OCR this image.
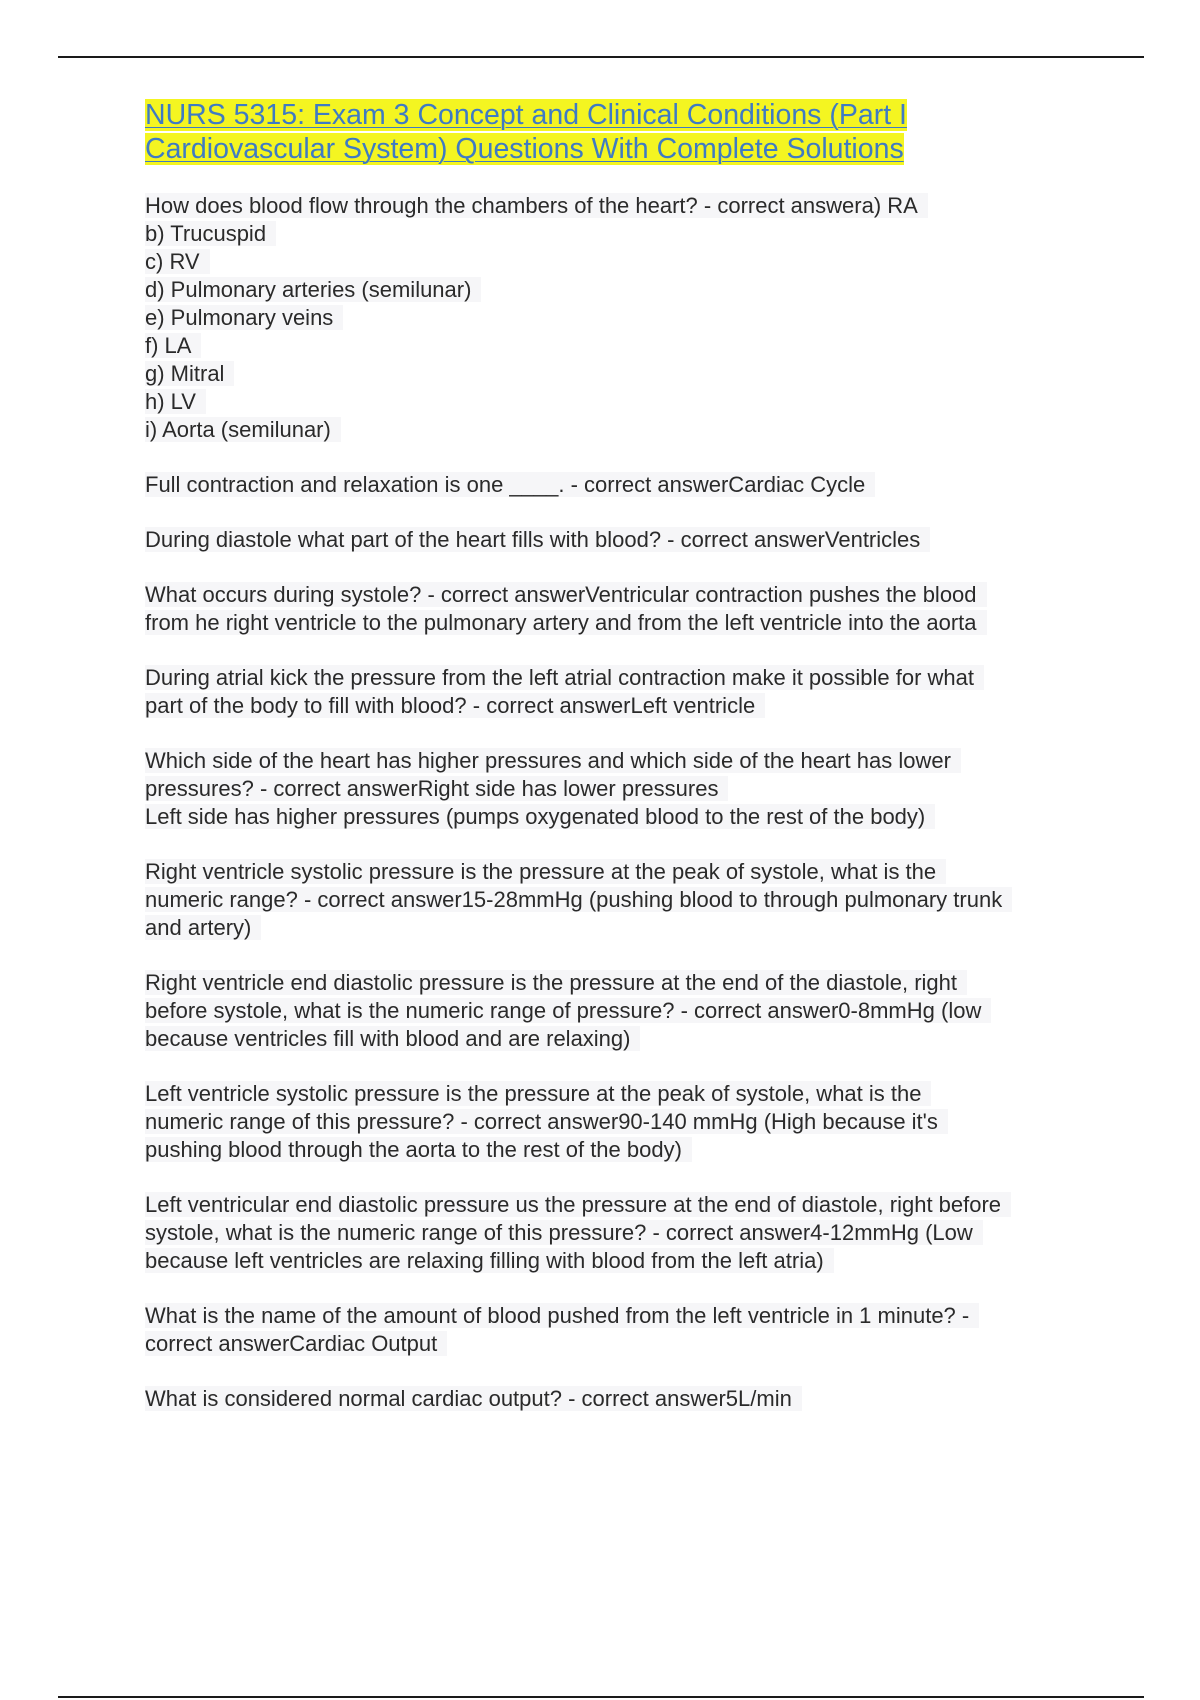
NURS 5315: Exam 3 Concept and Clinical Conditions (Part I
Cardiovascular System) Questions With Complete Solutions

How does blood flow through the chambers of the heart? - correct answera) RA
b) Trucuspid
c) RV
d) Pulmonary arteries (semilunar)
e) Pulmonary veins
f) LA
g) Mitral
h) LV
i) Aorta (semilunar)

Full contraction and relaxation is one ____. - correct answerCardiac Cycle

During diastole what part of the heart fills with blood? - correct answerVentricles

What occurs during systole? - correct answerVentricular contraction pushes the blood
from he right ventricle to the pulmonary artery and from the left ventricle into the aorta

During atrial kick the pressure from the left atrial contraction make it possible for what
part of the body to fill with blood? - correct answerLeft ventricle

Which side of the heart has higher pressures and which side of the heart has lower
pressures? - correct answerRight side has lower pressures
Left side has higher pressures (pumps oxygenated blood to the rest of the body)

Right ventricle systolic pressure is the pressure at the peak of systole, what is the
numeric range? - correct answer15-28mmHg (pushing blood to through pulmonary trunk
and artery)

Right ventricle end diastolic pressure is the pressure at the end of the diastole, right
before systole, what is the numeric range of pressure? - correct answer0-8mmHg (low
because ventricles fill with blood and are relaxing)

Left ventricle systolic pressure is the pressure at the peak of systole, what is the
numeric range of this pressure? - correct answer90-140 mmHg (High because it's
pushing blood through the aorta to the rest of the body)

Left ventricular end diastolic pressure us the pressure at the end of diastole, right before
systole, what is the numeric range of this pressure? - correct answer4-12mmHg (Low
because left ventricles are relaxing filling with blood from the left atria)

What is the name of the amount of blood pushed from the left ventricle in 1 minute? -
correct answerCardiac Output

What is considered normal cardiac output? - correct answer5L/min
